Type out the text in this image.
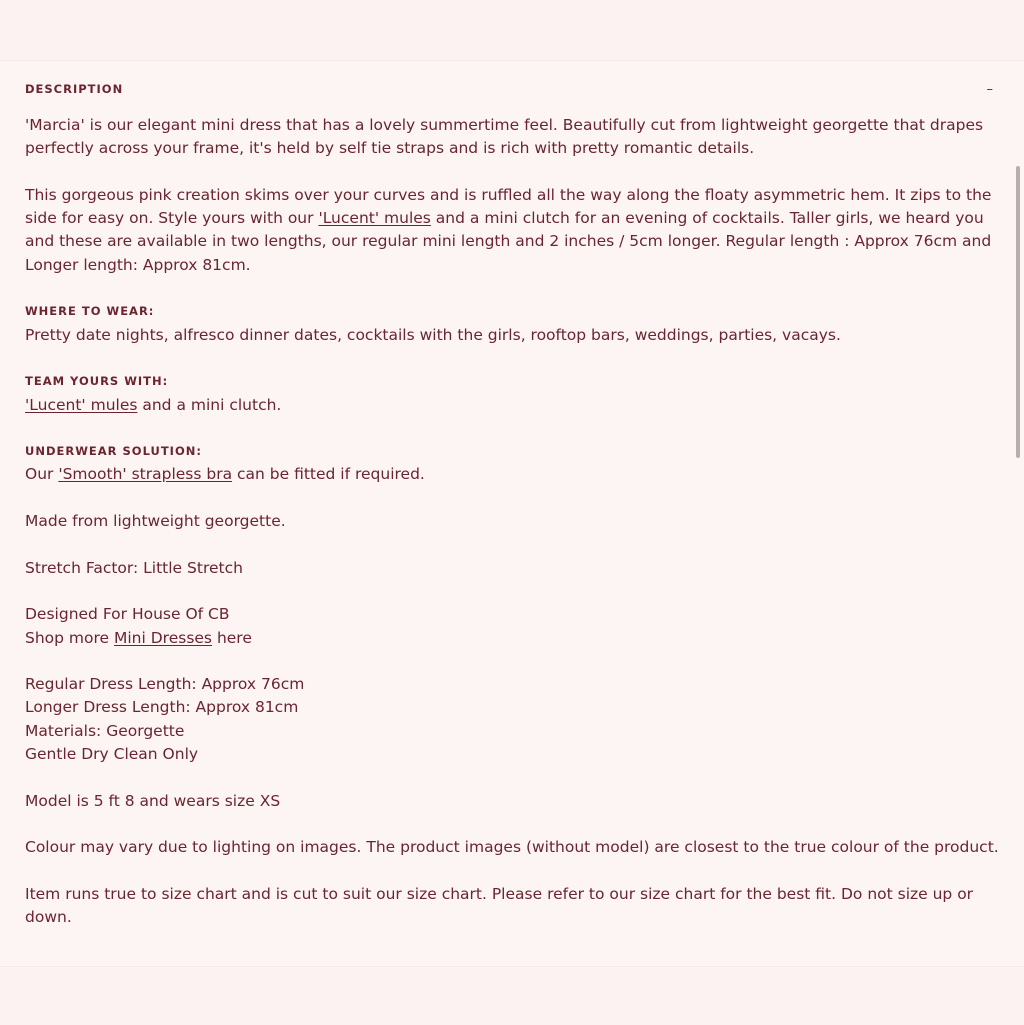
DESCRIPTION	–

'Marcia' is our elegant mini dress that has a lovely summertime feel. Beautifully cut from lightweight georgette that drapes perfectly across your frame, it's held by self tie straps and is rich with pretty romantic details.

This gorgeous pink creation skims over your curves and is ruffled all the way along the floaty asymmetric hem. It zips to the side for easy on. Style yours with our 'Lucent' mules and a mini clutch for an evening of cocktails. Taller girls, we heard you and these are available in two lengths, our regular mini length and 2 inches / 5cm longer. Regular length : Approx 76cm and Longer length: Approx 81cm.

WHERE TO WEAR:

Pretty date nights, alfresco dinner dates, cocktails with the girls, rooftop bars, weddings, parties, vacays.

TEAM YOURS WITH:

'Lucent' mules and a mini clutch.

UNDERWEAR SOLUTION:

Our 'Smooth' strapless bra can be fitted if required.

Made from lightweight georgette.

Stretch Factor: Little Stretch

Designed For House Of CB

Shop more Mini Dresses here

Regular Dress Length: Approx 76cm

Longer Dress Length: Approx 81cm

Materials: Georgette

Gentle Dry Clean Only

Model is 5 ft 8 and wears size XS

Colour may vary due to lighting on images. The product images (without model) are closest to the true colour of the product.

Item runs true to size chart and is cut to suit our size chart. Please refer to our size chart for the best fit. Do not size up or down.
